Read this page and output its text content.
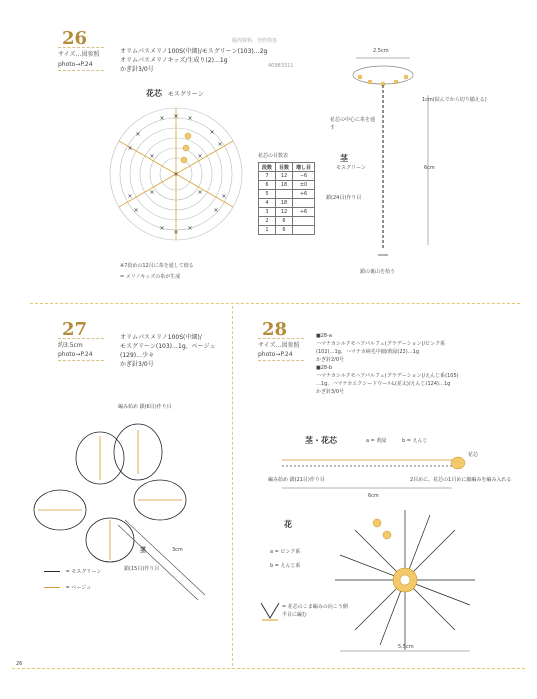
26
サイズ…図参照
photo→P.24
オリムパスメリノ100S(中細)/モスグリーン(103)…2g
オリムパスメリノキッズ/生成り(2)…1g
かぎ針3/0号
版内资料，勿作你害
40983311
花芯 モスグリーン
×
× ×
×
×
×
×
×
×
×
×
×
×
×
×
×
×
×
×
花芯の目数表
段数	目数	増し目
7	12	−6
6	18	±0
5		+6
4	18	
3	12	+6
2	6	
1	6	
※7段めの12目に糸を通して絞る
= メリノキッズの糸が生成
2.5cm
1cm(結んでから切り揃える)
花芯の中心に糸を通す
茎
モスグリーン	6cm
鎖(24目)作り目
鎖の裏山を拾う
27
約3.5cm
photo→P.24
オリムパスメリノ100S(中細)/
モスグリーン(103)…1g、ベージュ
(129)…少々
かぎ針3/0号
編み始め 鎖(6目)作り目
3cm
茎
鎖(15目)作り目
= モスグリーン
= ベージュ
28
サイズ…図参照
photo→P.24
■28-a
ハマナカシルクモヘアパルフェ(グラデーション)/ピンク系
(102)…1g、ハマナカ純毛中細/黄緑(22)…1g
かぎ針2/0号
■28-b
ハマナカシルクモヘアパルフェ(グラデーション)/えんじ系(105)
…1g、ハマナカエクシードウールL(並太)/えんじ(124)…1g
かぎ針3/0号
茎・花芯	a = 黄緑	b = えんじ
花芯
編み始め 鎖(21目)作り目
6cm
2目めに、花芯の1目めに細編みを編み入れる
花
a = ピンク系
b = えんじ系
5.5cm
= 花芯のこま編みの向こう側半目に編む
26
